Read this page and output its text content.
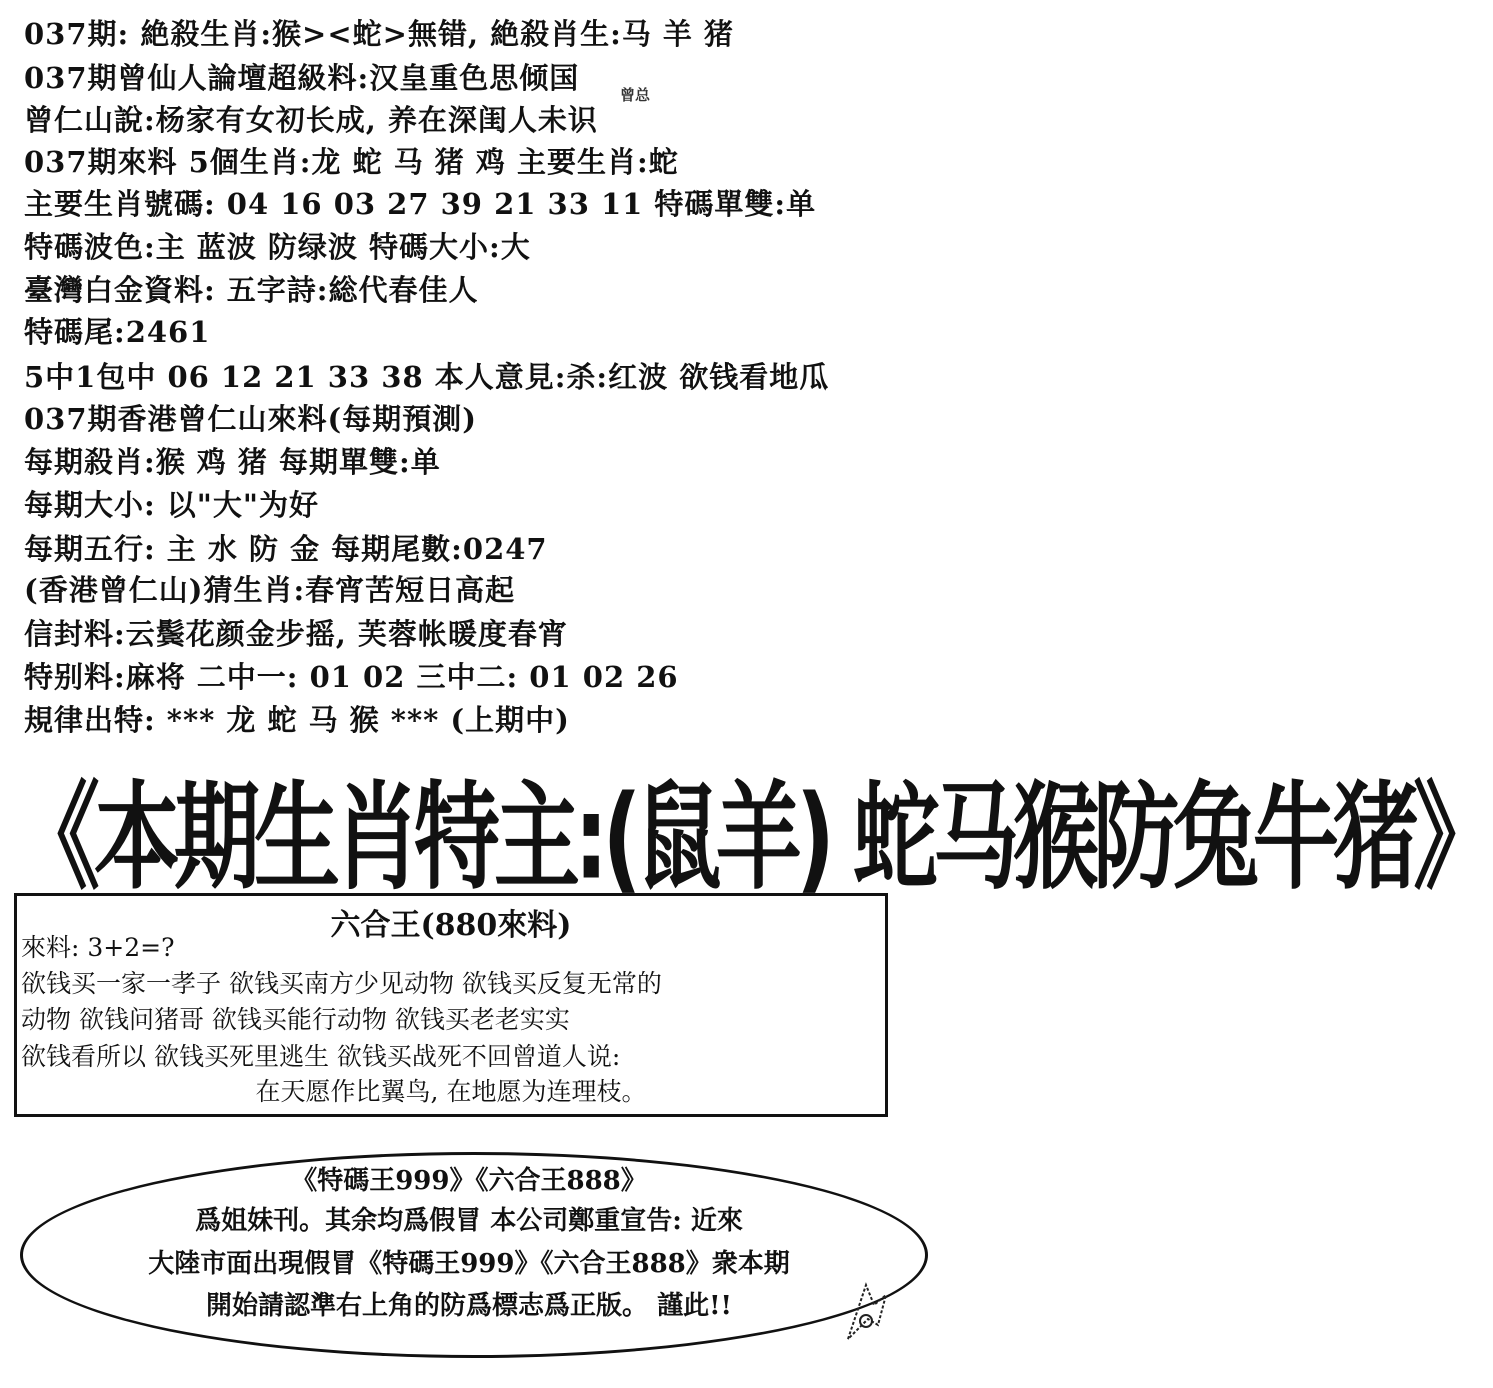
037期: 絶殺生肖:猴><蛇>無错, 絶殺肖生:马 羊 猪
037期曾仙人論壇超級料:汉皇重色思倾国
曾仁山說:杨家有女初长成, 养在深闺人未识
037期來料 5個生肖:龙 蛇 马 猪 鸡 主要生肖:蛇
主要生肖號碼: 04 16 03 27 39 21 33 11 特碼單雙:单
特碼波色:主 蓝波 防绿波 特碼大小:大
臺灣白金資料: 五字詩:総代春佳人
特碼尾:2461
5中1包中 06 12 21 33 38 本人意見:杀:红波 欲钱看地瓜
037期香港曾仁山來料(每期預測)
每期殺肖:猴 鸡 猪 每期單雙:单
每期大小: 以"大"为好
每期五行: 主 水 防 金 每期尾數:0247
(香港曾仁山)猜生肖:春宵苦短日高起
信封料:云鬓花颜金步摇, 芙蓉帐暖度春宵
特别料:麻将 二中一: 01 02 三中二: 01 02 26
規律出特: *** 龙 蛇 马 猴 *** (上期中)
曾总
《本期生肖特主:(鼠羊) 蛇马猴防兔牛猪》
六合王(880來料)
來料: 3+2=?
欲钱买一家一孝子 欲钱买南方少见动物 欲钱买反复无常的
动物 欲钱问猪哥 欲钱买能行动物 欲钱买老老实实
欲钱看所以 欲钱买死里逃生 欲钱买战死不回曾道人说:
在天愿作比翼鸟, 在地愿为连理枝。
《特碼王999》《六合王888》
爲姐妹刊。其余均爲假冒 本公司鄭重宣告: 近來
大陸市面出現假冒《特碼王999》《六合王888》衆本期
開始請認準右上角的防爲標志爲正版。 謹此!!
